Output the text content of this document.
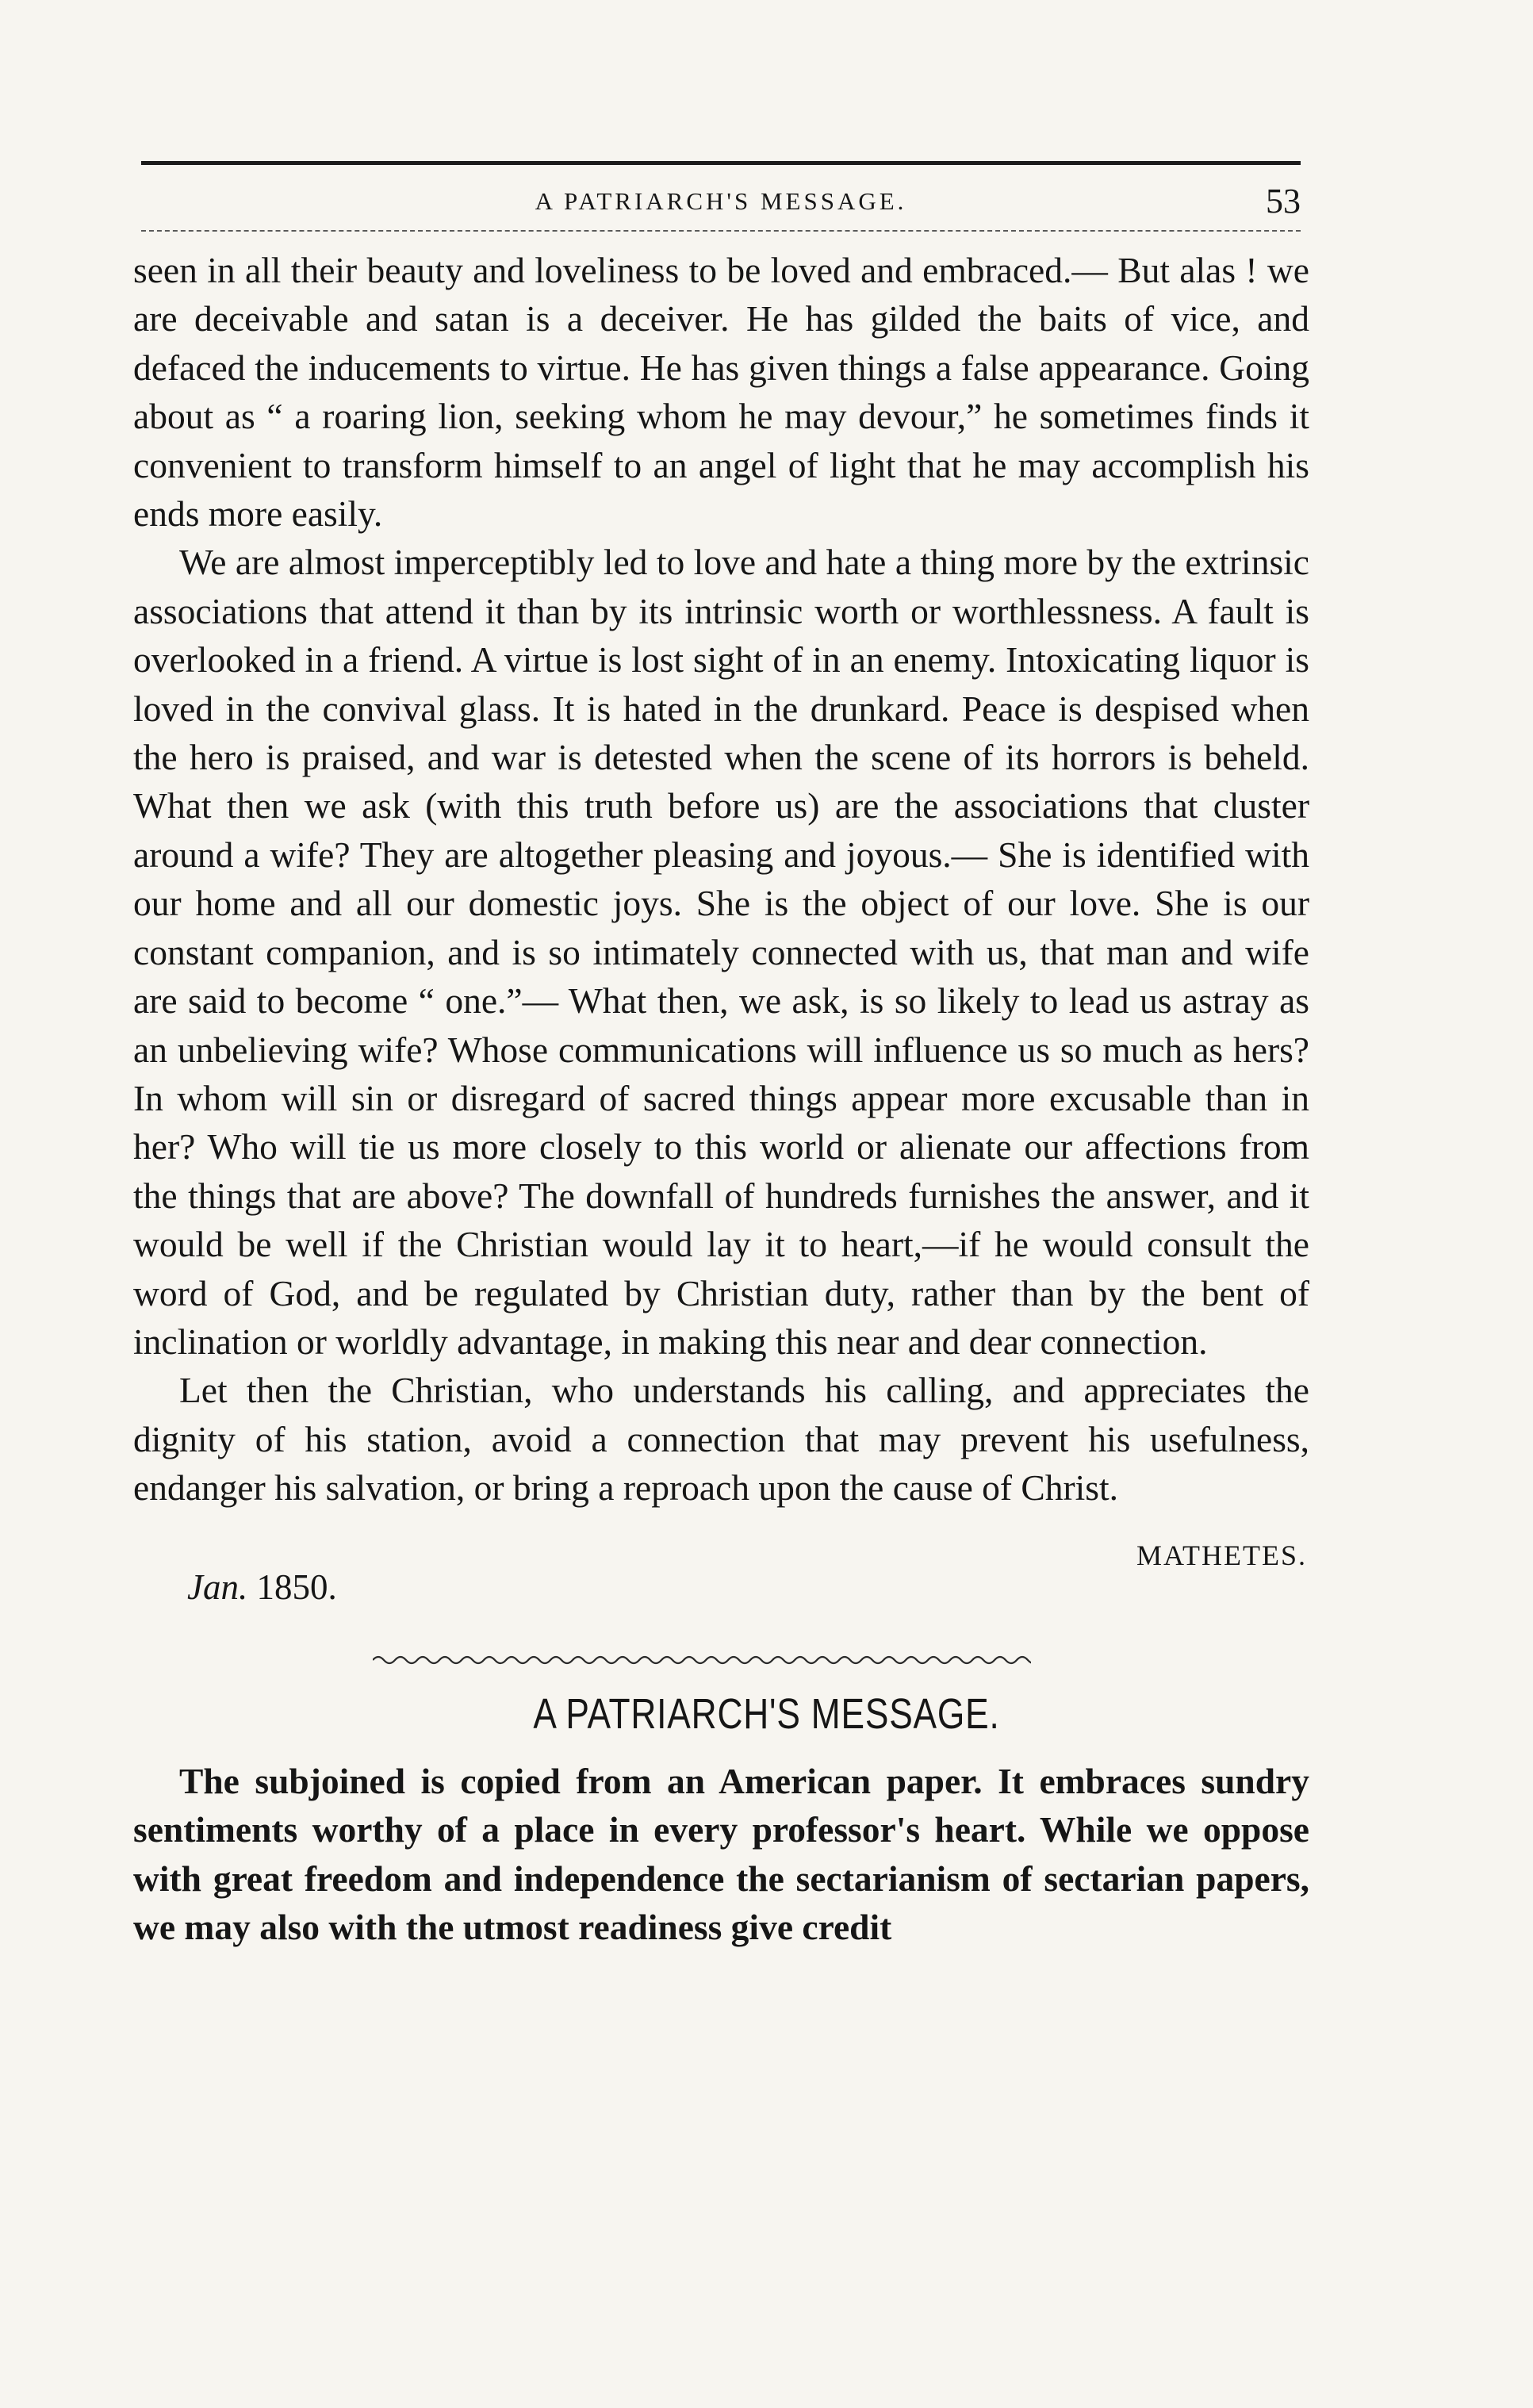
A PATRIARCH'S MESSAGE.	53

seen in all their beauty and loveliness to be loved and embraced.— But alas ! we are deceivable and satan is a deceiver. He has gilded the baits of vice, and defaced the inducements to virtue. He has given things a false appearance. Going about as “ a roaring lion, seeking whom he may devour,” he sometimes finds it convenient to transform himself to an angel of light that he may accomplish his ends more easily.

We are almost imperceptibly led to love and hate a thing more by the extrinsic associations that attend it than by its intrinsic worth or worthlessness. A fault is overlooked in a friend. A virtue is lost sight of in an enemy. Intoxicating liquor is loved in the convival glass. It is hated in the drunkard. Peace is despised when the hero is praised, and war is detested when the scene of its horrors is beheld. What then we ask (with this truth before us) are the associations that cluster around a wife? They are altogether pleasing and joyous.— She is identified with our home and all our domestic joys. She is the object of our love. She is our constant companion, and is so intimately connected with us, that man and wife are said to become “ one.”— What then, we ask, is so likely to lead us astray as an unbelieving wife? Whose communications will influence us so much as hers? In whom will sin or disregard of sacred things appear more excusable than in her? Who will tie us more closely to this world or alienate our affections from the things that are above? The downfall of hundreds furnishes the answer, and it would be well if the Christian would lay it to heart,—if he would consult the word of God, and be regulated by Christian duty, rather than by the bent of inclination or worldly advantage, in making this near and dear connection.

Let then the Christian, who understands his calling, and appreciates the dignity of his station, avoid a connection that may prevent his usefulness, endanger his salvation, or bring a reproach upon the cause of Christ.

MATHETES.
Jan. 1850.
A PATRIARCH'S MESSAGE.

The subjoined is copied from an American paper. It embraces sundry sentiments worthy of a place in every professor's heart. While we oppose with great freedom and independence the sectarianism of sectarian papers, we may also with the utmost readiness give credit
